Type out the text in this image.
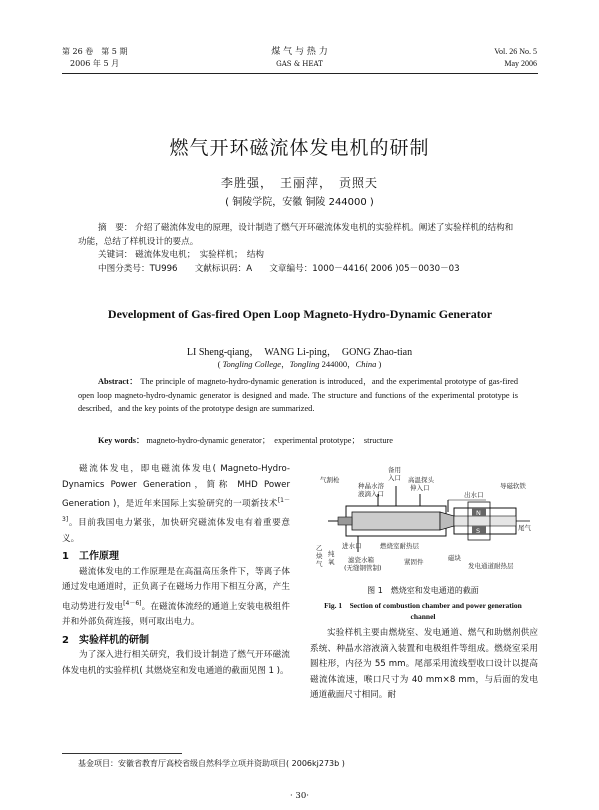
第 26 卷　第 5 期
2006 年 5 月
煤 气 与 热 力
GAS & HEAT
Vol. 26 No. 5
May 2006
燃气开环磁流体发电机的研制
李胜强，　王丽萍，　贡照天
( 铜陵学院，安徽 铜陵 244000 )
摘　要： 介绍了磁流体发电的原理，设计制造了燃气开环磁流体发电机的实验样机。阐述了实验样机的结构和功能，总结了样机设计的要点。
关键词： 磁流体发电机；　实验样机；　结构
中图分类号：TU996　　文献标识码：A　　文章编号：1000－4416( 2006 )05－0030－03
Development of Gas-fired Open Loop Magneto-Hydro-Dynamic Generator
LI Sheng-qiang，　WANG Li-ping，　GONG Zhao-tian
( Tongling College，Tongling 244000，China )
Abstract： The principle of magneto-hydro-dynamic generation is introduced，and the experimental prototype of gas-fired open loop magneto-hydro-dynamic generator is designed and made. The structure and functions of the experimental prototype is described，and the key points of the prototype design are summarized.
Key words： magneto-hydro-dynamic generator；　experimental prototype；　structure
磁流体发电，即电磁流体发电( Magneto-Hydro-Dynamics Power Generation，简称 MHD Power Generation )，是近年来国际上实验研究的一项新技术[1－3]。目前我国电力紧张，加快研究磁流体发电有着重要意义。
1　工作原理
磁流体发电的工作原理是在高温高压条件下，等离子体通过发电通道时，正负离子在磁场力作用下相互分离，产生电动势进行发电[4－6]。在磁流体流经的通道上安装电极组件并和外部负荷连接，则可取出电力。
2　实验样机的研制
为了深入进行相关研究，我们设计制造了燃气开环磁流体发电机的实验样机( 其燃烧室和发电通道的截面见图 1 )。
气割枪
种晶水溶
液滴入口
备用
入口 高温探头
伸入口
出水口
导磁软铁
N
S	尾气
乙
炔
气
纯
氧
进水口
滤瓷水箱
(无缝钢管制)
燃烧室耐热层
紧固件	磁块
发电通道耐热层
图 1　燃烧室和发电通道的截面
Fig. 1　Section of combustion chamber and power generation channel
实验样机主要由燃烧室、发电通道、燃气和助燃剂供应系统、种晶水溶液滴入装置和电极组件等组成。燃烧室采用圆柱形，内径为 55 mm。尾部采用流线型收口设计以提高磁流体流速，喉口尺寸为 40 mm×8 mm，与后面的发电通道截面尺寸相同。耐
基金项目：安徽省教育厅高校省级自然科学立项并资助项目( 2006kj273b )
· 30·
